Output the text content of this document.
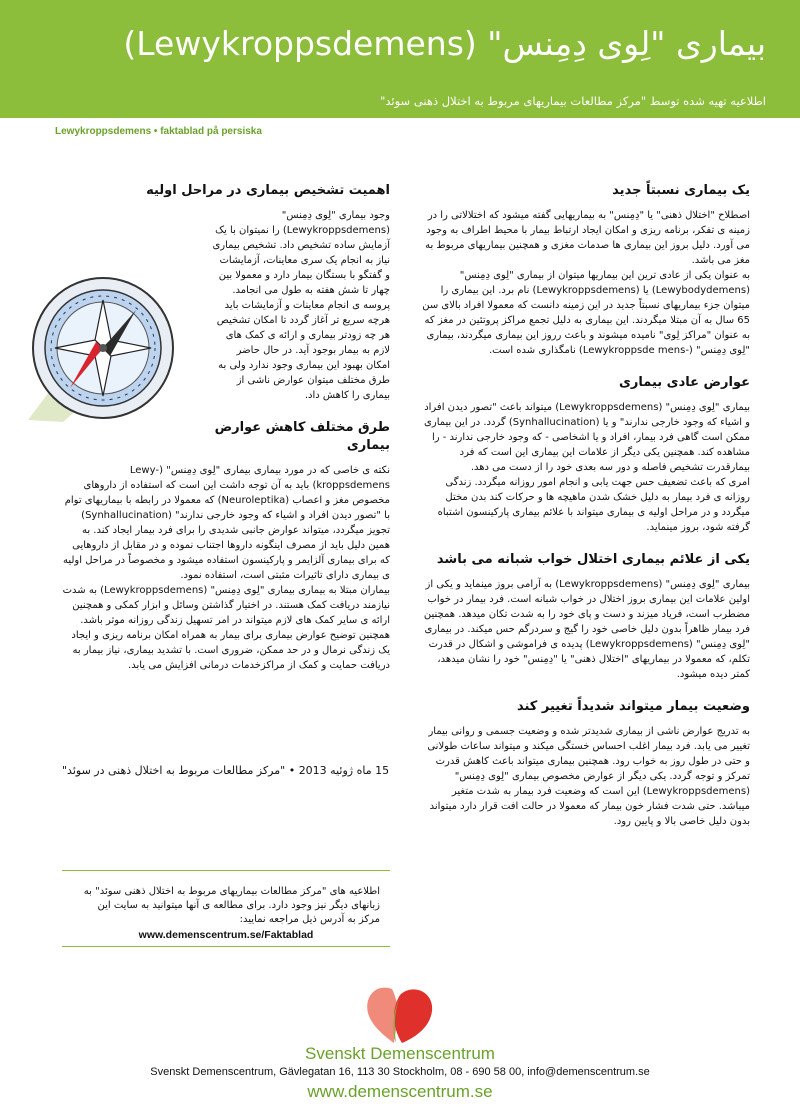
بیماری "لِوی دِمِنس" (Lewykroppsdemens)
اطلاعیه تهیه شده توسط "مرکز مطالعات بیماریهای مربوط به اختلال ذهنی سوئد"
Lewykroppsdemens • faktablad på persiska
یک بیماری نسبتاً جدید

اصطلاح "اختلال ذهنی" یا "دِمِنس" به بیماریهایی گفته میشود که اختلالاتی را در زمینه ی تفکر، برنامه ریزی و امکان ایجاد ارتباط بیمار با محیط اطراف به وجود می آورد. دلیل بروز این بیماری ها صدمات مغزی و همچنین بیماریهای مربوط به مغز می باشد.

به عنوان یکی از عادی ترین این بیماریها میتوان از بیماری "لِوی دِمِنس" (Lewybodydemens) یا (Lewykroppsdemens) نام برد. این بیماری را میتوان جزء بیماریهای نسبتاً جدید در این زمینه دانست که معمولا افراد بالای سن 65 سال به آن مبتلا میگردند. این بیماری به دلیل تجمع مراکز پروتئین در مغز که به عنوان "مراکز لِوی" نامیده میشوند و باعث رروز این بیماری میگردند، بیماری "لِوی دِمِنس" (-Lewykroppsde mens) نامگذاری شده است.

عوارض عادی بیماری

بیماری "لِوی دِمِنس" (Lewykroppsdemens) میتواند باعث "تصور دیدن افراد و اشیاء که وجود خارجی ندارند" و یا (Synhallucination) گردد. در این بیماری ممکن است گاهی فرد بیمار، افراد و یا اشخاصی - که وجود خارجی ندارند - را مشاهده کند. همچنین یکی دیگر از علامات این بیماری این است که فرد بیمارقدرت تشخیص فاصله و دور سه بعدی خود را از دست می دهد.

امری که باعث تضعیف حس جهت یابی و انجام امور روزانه میگردد. زندگی روزانه ی فرد بیمار به دلیل خشک شدن ماهیچه ها و حرکات کند بدن مختل میگردد و در مراحل اولیه ی بیماری میتواند با علائم بیماری پارکینسون اشتباه گرفته شود، بروز مینماید.

یکی از علائم بیماری اختلال خواب شبانه می باشد

بیماری "لِوی دِمِنس" (Lewykroppsdemens) به آرامی بروز مینماید و یکی از اولین علامات این بیماری بروز اختلال در خواب شبانه است. فرد بیمار در خواب مضطرب است، فریاد میزند و دست و پای خود را به شدت تکان میدهد. همچنین فرد بیمار ظاهراً بدون دلیل خاصی خود را گیج و سردرگم حس میکند. در بیماری "لِوی دِمِنس" (Lewykroppsdemens) پدیده ی فراموشی و اشکال در قدرت تکلم، که معمولا در بیماریهای "اختلال ذهنی" یا "دِمِنس" خود را نشان میدهد، کمتر دیده میشود.

وضعیت بیمار میتواند شدیداً تغییر کند

به تدریج عوارض ناشی از بیماری شدیدتر شده و وضعیت جسمی و روانی بیمار تغییر می یابد. فرد بیمار اغلب احساس خستگی میکند و میتواند ساعات طولانی و حتی در طول روز به خواب رود. همچنین بیماری میتواند باعث کاهش قدرت تمرکز و توجه گردد. یکی دیگر از عوارض مخصوص بیماری "لِوی دِمِنس" (Lewykroppsdemens) این است که وضعیت فرد بیمار به شدت متغیر میباشد. حتی شدت فشار خون بیمار که معمولا در حالت افت قرار دارد میتواند بدون دلیل خاصی بالا و پایین رود.

اهمیت تشخیص بیماری در مراحل اولیه

وجود بیماری "لِوی دِمِنس" (Lewykroppsdemens) را نمیتوان با یک آزمایش ساده تشخیص داد. تشخیص بیماری نیاز به انجام یک سری معاینات، آزمایشات و گفتگو با بستگان بیمار دارد و معمولا بین چهار تا شش هفته به طول می انجامد. پروسه ی انجام معاینات و آزمایشات باید هرچه سریع تر آغاز گردد تا امکان تشخیص هر چه زودتر بیماری و ارائه ی کمک های لازم به بیمار بوجود آید. در حال حاضر امکان بهبود این بیماری وجود ندارد ولی به طرق مختلف میتوان عوارض ناشی از بیماری را کاهش داد.

طرق مختلف کاهش عوارض بیماری

نکته ی خاصی که در مورد بیماری بیماری "لِوی دِمِنس" (-Lewy kroppsdemens) باید به آن توجه داشت این است که استفاده از داروهای مخصوص مغز و اعصاب (Neuroleptika) که معمولا در رابطه با بیماریهای توام با "تصور دیدن افراد و اشیاء که وجود خارجی ندارند" (Synhallucination) تجویز میگردد، میتواند عوارض جانبی شدیدی را برای فرد بیمار ایجاد کند. به همین دلیل باید از مصرف اینگونه داروها اجتناب نموده و در مقابل از داروهایی که برای بیماری آلزایمر و پارکینسون استفاده میشود و مخصوصاً در مراحل اولیه ی بیماری دارای تاثیرات مثبتی است، استفاده نمود.

بیماران مبتلا به بیماری بیماری "لِوی دِمِنس" (Lewykroppsdemens) به شدت نیازمند دریافت کمک هستند. در اختیار گذاشتن وسائل و ابزار کمکی و همچنین ارائه ی سایر کمک های لازم میتواند در امر تسهیل زندگی روزانه موثر باشد. همچنین توضیح عوارض بیماری برای بیمار به همراه امکان برنامه ریزی و ایجاد یک زندگی نرمال و در حد ممکن، ضروری است. با تشدید بیماری، نیاز بیمار به دریافت حمایت و کمک از مراکزخدمات درمانی افزایش می یابد.

15 ماه ژوئیه 2013 • "مرکز مطالعات مربوط به اختلال ذهنی در سوئد"
اطلاعیه های "مرکز مطالعات بیماریهای مربوط به اختلال ذهنی سوئد" به زبانهای دیگر نیز وجود دارد. برای مطالعه ی آنها میتوانید به سایت این مرکز به آدرس ذیل مراجعه نمایید:
www.demenscentrum.se/Faktablad
Svenskt Demenscentrum
Svenskt Demenscentrum, Gävlegatan 16, 113 30 Stockholm, 08 - 690 58 00, info@demenscentrum.se
www.demenscentrum.se
